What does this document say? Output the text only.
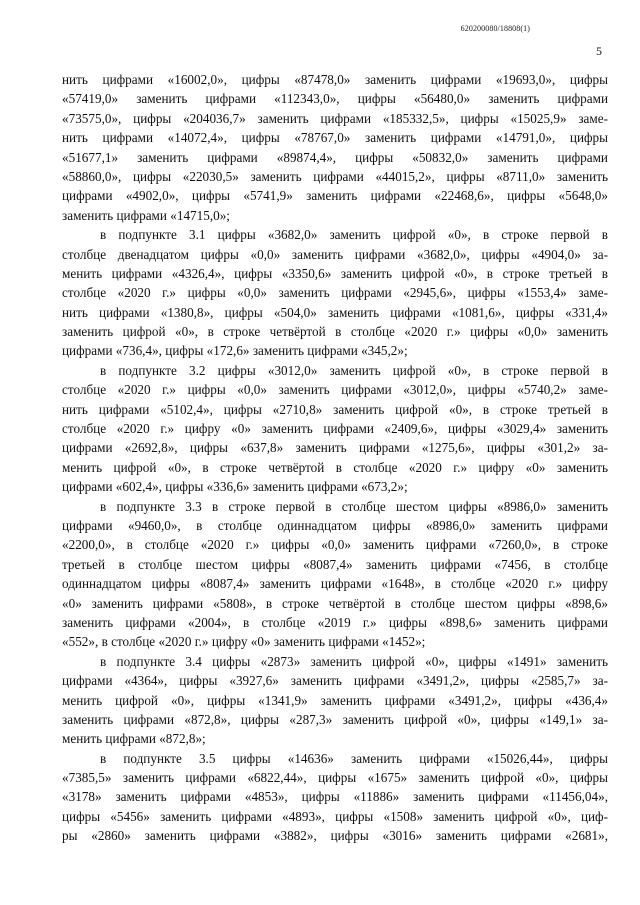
620200080/18808(1)
5
нить цифрами «16002,0», цифры «87478,0» заменить цифрами «19693,0», цифры
«57419,0» заменить цифрами «112343,0», цифры «56480,0» заменить цифрами
«73575,0», цифры «204036,7» заменить цифрами «185332,5», цифры «15025,9» заме-
нить цифрами «14072,4», цифры «78767,0» заменить цифрами «14791,0», цифры
«51677,1» заменить цифрами «89874,4», цифры «50832,0» заменить цифрами
«58860,0», цифры «22030,5» заменить цифрами «44015,2», цифры «8711,0» заменить
цифрами «4902,0», цифры «5741,9» заменить цифрами «22468,6», цифры «5648,0»
заменить цифрами «14715,0»;
в подпункте 3.1 цифры «3682,0» заменить цифрой «0», в строке первой в
столбце двенадцатом цифры «0,0» заменить цифрами «3682,0», цифры «4904,0» за-
менить цифрами «4326,4», цифры «3350,6» заменить цифрой «0», в строке третьей в
столбце «2020 г.» цифры «0,0» заменить цифрами «2945,6», цифры «1553,4» заме-
нить цифрами «1380,8», цифры «504,0» заменить цифрами «1081,6», цифры «331,4»
заменить цифрой «0», в строке четвёртой в столбце «2020 г.» цифры «0,0» заменить
цифрами «736,4», цифры «172,6» заменить цифрами «345,2»;
в подпункте 3.2 цифры «3012,0» заменить цифрой «0», в строке первой в
столбце «2020 г.» цифры «0,0» заменить цифрами «3012,0», цифры «5740,2» заме-
нить цифрами «5102,4», цифры «2710,8» заменить цифрой «0», в строке третьей в
столбце «2020 г.» цифру «0» заменить цифрами «2409,6», цифры «3029,4» заменить
цифрами «2692,8», цифры «637,8» заменить цифрами «1275,6», цифры «301,2» за-
менить цифрой «0», в строке четвёртой в столбце «2020 г.» цифру «0» заменить
цифрами «602,4», цифры «336,6» заменить цифрами «673,2»;
в подпункте 3.3 в строке первой в столбце шестом цифры «8986,0» заменить
цифрами «9460,0», в столбце одиннадцатом цифры «8986,0» заменить цифрами
«2200,0», в столбце «2020 г.» цифры «0,0» заменить цифрами «7260,0», в строке
третьей в столбце шестом цифры «8087,4» заменить цифрами «7456, в столбце
одиннадцатом цифры «8087,4» заменить цифрами «1648», в столбце «2020 г.» цифру
«0» заменить цифрами «5808», в строке четвёртой в столбце шестом цифры «898,6»
заменить цифрами «2004», в столбце «2019 г.» цифры «898,6» заменить цифрами
«552», в столбце «2020 г.» цифру «0» заменить цифрами «1452»;
в подпункте 3.4 цифры «2873» заменить цифрой «0», цифры «1491» заменить
цифрами «4364», цифры «3927,6» заменить цифрами «3491,2», цифры «2585,7» за-
менить цифрой «0», цифры «1341,9» заменить цифрами «3491,2», цифры «436,4»
заменить цифрами «872,8», цифры «287,3» заменить цифрой «0», цифры «149,1» за-
менить цифрами «872,8»;
в подпункте 3.5 цифры «14636» заменить цифрами «15026,44», цифры
«7385,5» заменить цифрами «6822,44», цифры «1675» заменить цифрой «0», цифры
«3178» заменить цифрами «4853», цифры «11886» заменить цифрами «11456,04»,
цифры «5456» заменить цифрами «4893», цифры «1508» заменить цифрой «0», циф-
ры «2860» заменить цифрами «3882», цифры «3016» заменить цифрами «2681»,
